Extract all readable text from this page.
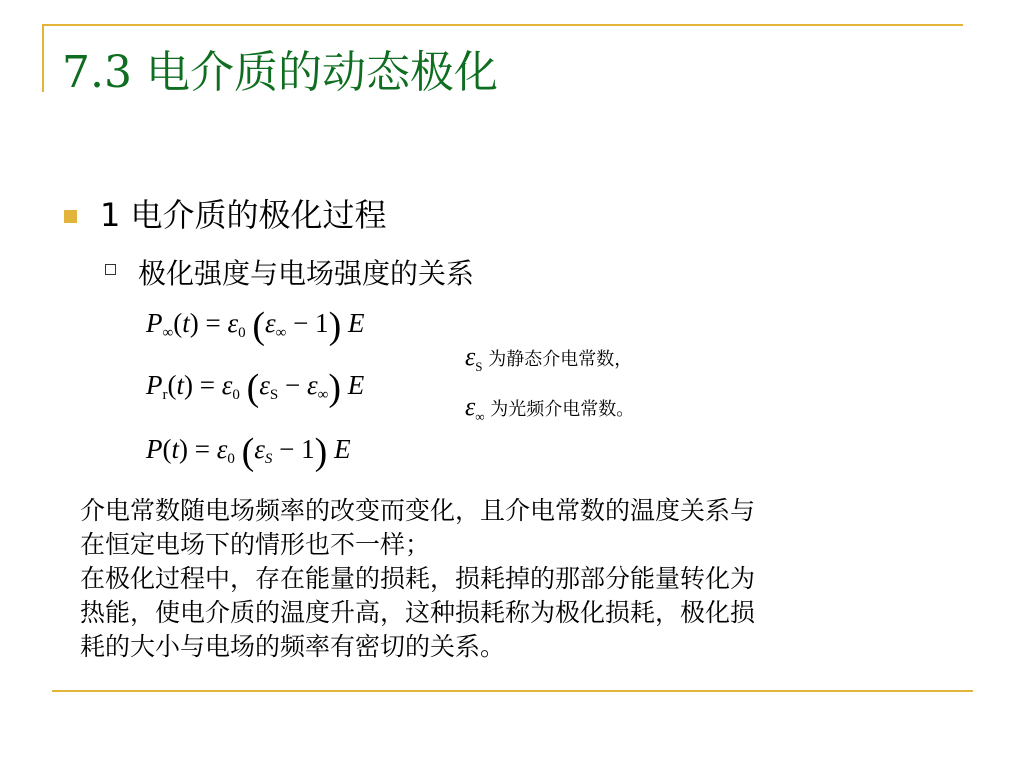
7.3 电介质的动态极化
1 电介质的极化过程
极化强度与电场强度的关系
$P_\infty(t) = \varepsilon_0$ $(\varepsilon_\infty - 1)$ E
$P_r(t) = \varepsilon_0$ $(\varepsilon_S - \varepsilon_\infty)$ E
$P(t) = \varepsilon_0$ $(\varepsilon_S - 1)$ E
$\varepsilon_S$ 为静态介电常数，
$\varepsilon_\infty$ 为光频介电常数。
介电常数随电场频率的改变而变化，且介电常数的温度关系与
在恒定电场下的情形也不一样；
在极化过程中，存在能量的损耗，损耗掉的那部分能量转化为
热能，使电介质的温度升高，这种损耗称为极化损耗，极化损
耗的大小与电场的频率有密切的关系。
